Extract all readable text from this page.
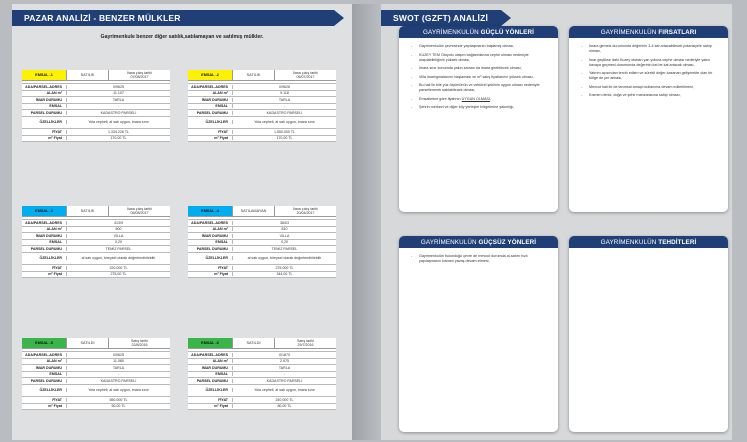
PAZAR ANALİZİ - BENZER MÜLKLER
Gayrimenkule benzer diğer satılık,satılamayan ve satılmış mülkler.
EMSAL -1	SATILIK
İlana çıkış tarihi
07/08/2017
ADA/PARSEL-ADRES	0/9625
ALAN m²	11.107
İMAR DURUMU	TARLA
EMSAL	-
PARSEL DURUMU	KADASTRO PARSELİ
ÖZELLİKLER	Yola cepheli, al satı uygun, imara sınır
FİYAT	1.334.226 TL
m² Fiyat	170,00 TL
EMSAL -2	SATILIK
İlana çıkış tarihi
05/07/2017
ADA/PARSEL-ADRES	0/9626
ALAN m²	9.118
İMAR DURUMU	TARLA
EMSAL	-
PARSEL DURUMU	KADASTRO PARSELİ
ÖZELLİKLER	Yola cepheli, al satı uygun, imara sınır
FİYAT	1.550.000 TL
m² Fiyat	170,00 TL
EMSAL -3	SATILIK
İlana çıkış tarihi
06/08/2017
ADA/PARSEL-ADRES	413/9
ALAN m²	800
İMAR DURUMU	VİLLA
EMSAL	0,20
PARSEL DURUMU	TEMİZ PARSEL
ÖZELLİKLER	al satı uygun, bireysel olarak değerlendirilebilir
FİYAT	220.000 TL
m² Fiyat	275,00 TL
EMSAL -4	SATILAMAYAN
İlana çıkış tarihi
20/04/2017
ADA/PARSEL-ADRES	384/3
ALAN m²	810
İMAR DURUMU	VİLLA
EMSAL	0,20
PARSEL DURUMU	TEMİZ PARSEL
ÖZELLİKLER	al satı uygun, bireysel olarak değerlendirilebilir
FİYAT	275.000 TL
m² Fiyat	344,00 TL
EMSAL -5	SATILDI
Satış tarihi
22/8/2016
ADA/PARSEL-ADRES	0/9625
ALAN m²	11.080
İMAR DURUMU	TARLA
EMSAL	-
PARSEL DURUMU	KADASTRO PARSELİ
ÖZELLİKLER	Yola cepheli, al satı uygun, imara sınır
FİYAT	550.000 TL
m² Fiyat	50,00 TL
EMSAL -6	SATILDI
Satış tarihi
29/7/2016
ADA/PARSEL-ADRES	0/1870
ALAN m²	2.975
İMAR DURUMU	TARLA
EMSAL	-
PARSEL DURUMU	KADASTRO PARSELİ
ÖZELLİKLER	Yola cepheli, al satı uygun, imara sınır
FİYAT	240.000 TL
m² Fiyat	80,00 TL
SWOT (GZFT) ANALİZİ
GAYRİMENKULÜN
GÜÇLÜ YÖNLERİ
- Gayrimenkulün çevresinde yapılaşmanın başlamış olması,
- KUZEY TEM Otoyolu ulaşım bağlantılarına cephe olması nedeniyle ulaşılabilirliğinin yüksek olması,
- İmara sınır konumda yakın zaman da imara girebilecek olması,
- Villa imarlıgmalarının başlaması ve m² satış fiyatlarının yüksek olması,
- Bu hali ile bile yüz ölçümünün ve vektörel şeklinin uygun olması nedeniyle parsellenerek satılabilecek olması,
- Emsallerine göre fiyatının UYGUN OLMASI,
- Şehrin merkezi ve diğer köy yerleşim bölgelerine yakınlığı,
GAYRİMENKULÜN
FIRSATLARI
- İmara girmesi durumunda değerinin 3-4 kat artacabilecek potansiyele sahip olması,
- İmar geçtikse dahi Kuzey otoban yan yoluna cephe olması nederiyle yakın havaya geçmesi durumunda değerinin kat be kat artacak olması,
- Yatırım açısından tercih edilen ve sürekli değer kazanan gelişmekte olan bir bölge de yer alması,
- Mevcut hali ile de tarımsal amaçlı kullanıma devam edilebilmesi,
- Kısmen deniz, doğa ve şehir manzarasına sahip olması,
GAYRİMENKULÜN
GÜÇSÜZ YÖNLERİ
- Gayrimenkulün bulunduğu çevre de mevcut durumda al-satım hızlı yapılaşmanın kısmen yavaş devam etmesi,
GAYRİMENKULÜN
TEHDİTLERİ
